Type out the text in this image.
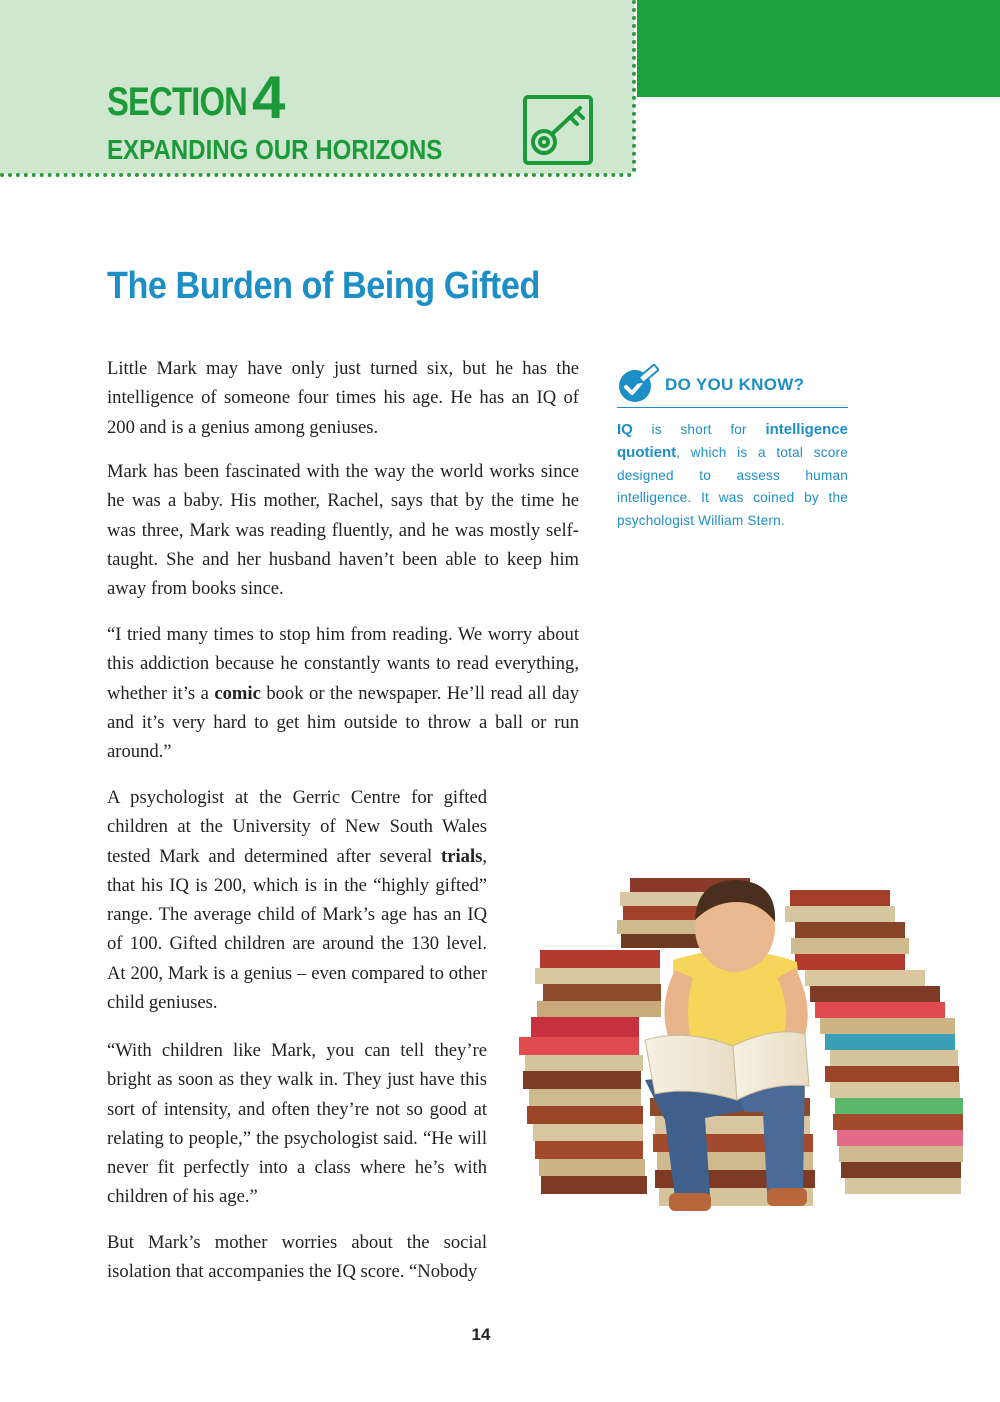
SECTION 4
EXPANDING OUR HORIZONS
The Burden of Being Gifted

Little Mark may have only just turned six, but he has the intelligence of someone four times his age. He has an IQ of 200 and is a genius among geniuses.

Mark has been fascinated with the way the world works since he was a baby. His mother, Rachel, says that by the time he was three, Mark was reading fluently, and he was mostly self-taught. She and her husband haven’t been able to keep him away from books since.

“I tried many times to stop him from reading. We worry about this addiction because he constantly wants to read everything, whether it’s a comic book or the newspaper. He’ll read all day and it’s very hard to get him outside to throw a ball or run around.”

A psychologist at the Gerric Centre for gifted children at the University of New South Wales tested Mark and determined after several trials, that his IQ is 200, which is in the “highly gifted” range. The average child of Mark’s age has an IQ of 100. Gifted children are around the 130 level. At 200, Mark is a genius – even compared to other child geniuses.

“With children like Mark, you can tell they’re bright as soon as they walk in. They just have this sort of intensity, and often they’re not so good at relating to people,” the psychologist said. “He will never fit perfectly into a class where he’s with children of his age.”

But Mark’s mother worries about the social isolation that accompanies the IQ score. “Nobody

DO YOU KNOW?
IQ is short for intelligence quotient, which is a total score designed to assess human intelligence. It was coined by the psychologist William Stern.
14
